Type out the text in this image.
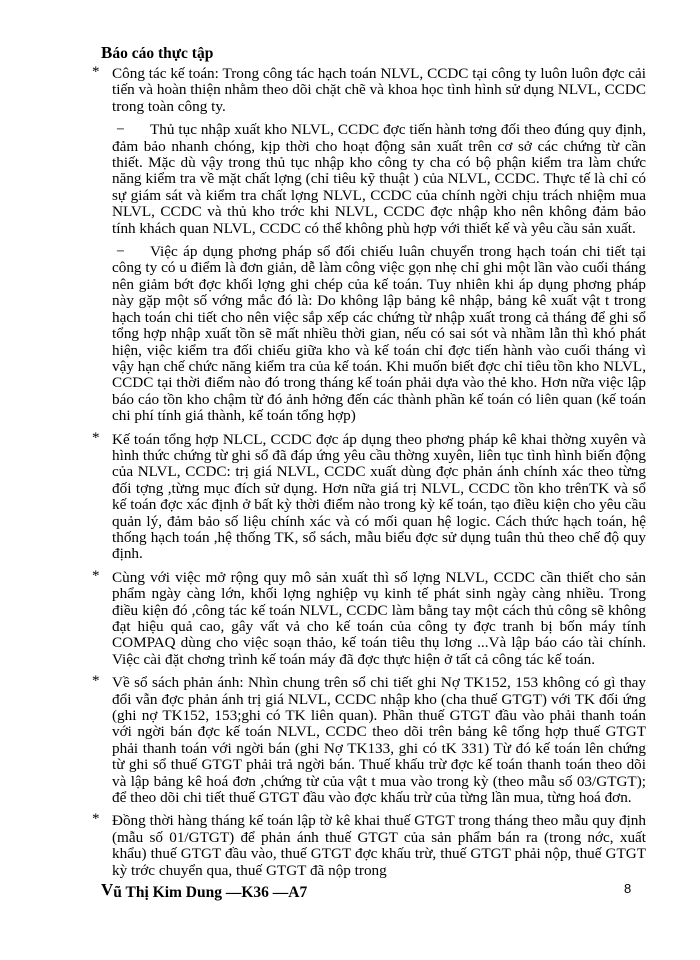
Báo cáo thực tập

* Công tác kế toán: Trong công tác hạch toán NLVL, CCDC tại công ty luôn luôn đợc cải tiến và hoàn thiện nhằm theo dõi chặt chẽ và khoa học tình hình sử dụng NLVL, CCDC trong toàn công ty.

− Thủ tục nhập xuất kho NLVL, CCDC đợc tiến hành tơng đối theo đúng quy định, đảm bảo nhanh chóng, kịp thời cho hoạt động sản xuất trên cơ sở các chứng từ cần thiết. Mặc dù vậy trong thủ tục nhập kho công ty cha có bộ phận kiểm tra làm chức năng kiểm tra về mặt chất lợng (chỉ tiêu kỹ thuật ) của NLVL, CCDC. Thực tế là chỉ có sự giám sát và kiểm tra chất lợng NLVL, CCDC của chính ngời chịu trách nhiệm mua NLVL, CCDC và thủ kho trớc khi NLVL, CCDC đợc nhập kho nên không đảm bảo tính khách quan NLVL, CCDC có thể không phù hợp với thiết kế và yêu cầu sản xuất.

− Việc áp dụng phơng pháp sổ đối chiếu luân chuyển trong hạch toán chi tiết tại công ty có u điểm là đơn giản, dễ làm công việc gọn nhẹ chỉ ghi một lần vào cuối tháng nên giảm bớt đợc khối lợng ghi chép của kế toán. Tuy nhiên khi áp dụng phơng pháp này gặp một số vớng mắc đó là: Do không lập bảng kê nhập, bảng kê xuất vật t trong hạch toán chi tiết cho nên việc sắp xếp các chứng từ nhập xuất trong cả tháng để ghi sổ tổng hợp nhập xuất tồn sẽ mất nhiều thời gian, nếu có sai sót và nhầm lẫn thì khó phát hiện, việc kiểm tra đối chiếu giữa kho và kế toán chỉ đợc tiến hành vào cuối tháng vì vậy hạn chế chức năng kiểm tra của kế toán. Khi muốn biết đợc chỉ tiêu tồn kho NLVL, CCDC tại thời điểm nào đó trong tháng kế toán phải dựa vào thẻ kho. Hơn nữa việc lập báo cáo tồn kho chậm từ đó ảnh hởng đến các thành phần kế toán có liên quan (kế toán chi phí tính giá thành, kế toán tổng hợp)

* Kế toán tổng hợp NLCL, CCDC đợc áp dụng theo phơng pháp kê khai thờng xuyên và hình thức chứng từ ghi sổ đã đáp ứng yêu cầu thờng xuyên, liên tục tình hình biến động của NLVL, CCDC: trị giá NLVL, CCDC xuất dùng đợc phản ánh chính xác theo từng đối tợng ,từng mục đích sử dụng. Hơn nữa giá trị NLVL, CCDC tồn kho trênTK và sổ kế toán đợc xác định ở bất kỳ thời điểm nào trong kỳ kế toán, tạo điều kiện cho yêu cầu quản lý, đảm bảo số liệu chính xác và có mối quan hệ logic. Cách thức hạch toán, hệ thống hạch toán ,hệ thống TK, sổ sách, mẫu biểu đợc sử dụng tuân thủ theo chế độ quy định.

* Cùng với việc mở rộng quy mô sản xuất thì số lợng NLVL, CCDC cần thiết cho sản phẩm ngày càng lớn, khối lợng nghiệp vụ kinh tế phát sinh ngày càng nhiều. Trong điều kiện đó ,công tác kế toán NLVL, CCDC làm bằng tay một cách thủ công sẽ không đạt hiệu quả cao, gây vất vả cho kế toán của công ty đợc tranh bị bốn máy tính COMPAQ dùng cho việc soạn thảo, kế toán tiêu thụ lơng ...Và lập báo cáo tài chính. Việc cài đặt chơng trình kế toán máy đã đợc thực hiện ở tất cả công tác kế toán.

* Về sổ sách phản ánh: Nhìn chung trên sổ chi tiết ghi Nợ TK152, 153 không có gì thay đổi vẫn đợc phản ánh trị giá NLVL, CCDC nhập kho (cha thuế GTGT) với TK đối ứng (ghi nợ TK152, 153;ghi có TK liên quan). Phần thuế GTGT đầu vào phải thanh toán với ngời bán đợc kế toán NLVL, CCDC theo dõi trên bảng kê tổng hợp thuế GTGT phải thanh toán với ngời bán (ghi Nợ TK133, ghi có tK 331) Từ đó kế toán lên chứng từ ghi sổ thuế GTGT phải trả ngời bán. Thuế khấu trừ đợc kế toán thanh toán theo dõi và lập bảng kê hoá đơn ,chứng từ của vật t mua vào trong kỳ (theo mẫu số 03/GTGT); để theo dõi chi tiết thuế GTGT đầu vào đợc khấu trừ của từng lần mua, từng hoá đơn.

* Đồng thời hàng tháng kế toán lập tờ kê khai thuế GTGT trong tháng theo mẫu quy định (mẫu số 01/GTGT) để phản ánh thuế GTGT của sản phẩm bán ra (trong nớc, xuất khẩu) thuế GTGT đầu vào, thuế GTGT đợc khấu trừ, thuế GTGT phải nộp, thuế GTGT kỳ trớc chuyển qua, thuế GTGT đã nộp trong

Vũ Thị Kim Dung —K36 —A7	8
